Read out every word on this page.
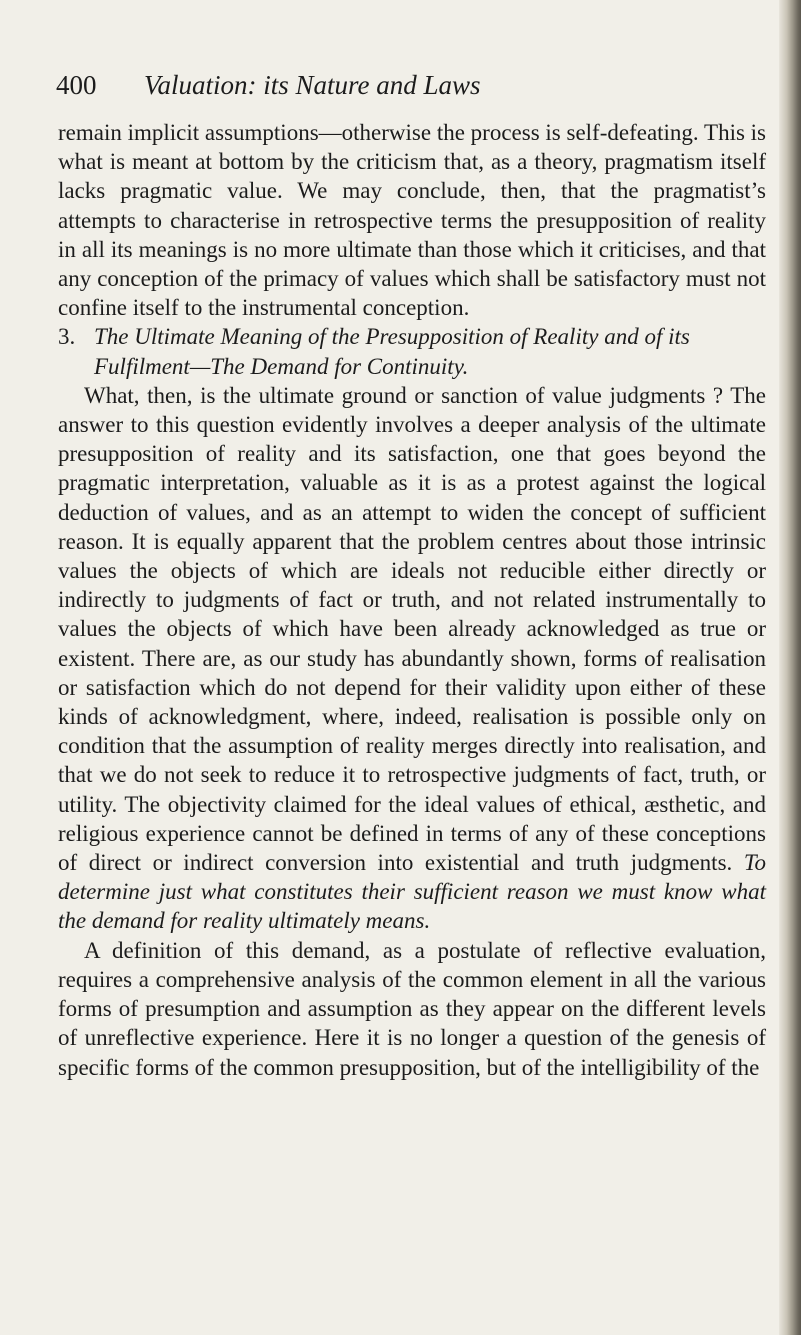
400 Valuation: its Nature and Laws

remain implicit assumptions—otherwise the process is self-defeating. This is what is meant at bottom by the criticism that, as a theory, pragmatism itself lacks pragmatic value. We may conclude, then, that the pragmatist’s attempts to characterise in retrospective terms the presupposition of reality in all its meanings is no more ultimate than those which it criticises, and that any conception of the primacy of values which shall be satisfactory must not confine itself to the instrumental conception.

3. The Ultimate Meaning of the Presupposition of Reality and of its Fulfilment—The Demand for Continuity.

What, then, is the ultimate ground or sanction of value judgments ? The answer to this question evidently involves a deeper analysis of the ultimate presupposition of reality and its satisfaction, one that goes beyond the pragmatic interpretation, valuable as it is as a protest against the logical deduction of values, and as an attempt to widen the concept of sufficient reason. It is equally apparent that the problem centres about those intrinsic values the objects of which are ideals not reducible either directly or indirectly to judgments of fact or truth, and not related instrumentally to values the objects of which have been already acknowledged as true or existent. There are, as our study has abundantly shown, forms of realisation or satisfaction which do not depend for their validity upon either of these kinds of acknowledgment, where, indeed, realisation is possible only on condition that the assumption of reality merges directly into realisation, and that we do not seek to reduce it to retrospective judgments of fact, truth, or utility. The objectivity claimed for the ideal values of ethical, æsthetic, and religious experience cannot be defined in terms of any of these conceptions of direct or indirect conversion into existential and truth judgments. To determine just what constitutes their sufficient reason we must know what the demand for reality ultimately means.

A definition of this demand, as a postulate of reflective evaluation, requires a comprehensive analysis of the common element in all the various forms of presumption and assumption as they appear on the different levels of unreflective experience. Here it is no longer a question of the genesis of specific forms of the common presupposition, but of the intelligibility of the
